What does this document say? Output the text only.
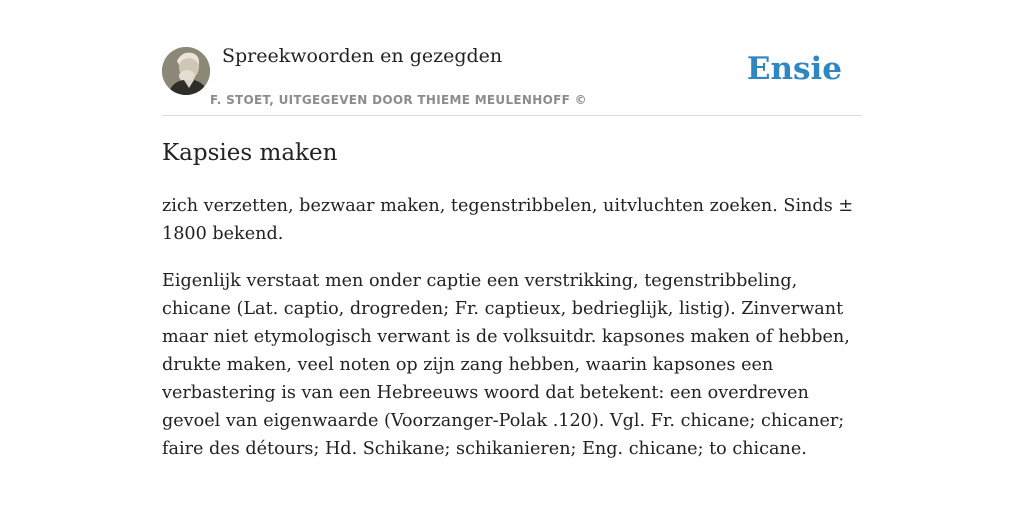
Spreekwoorden en gezegden
F. STOET, UITGEGEVEN DOOR THIEME MEULENHOFF ©
Ensie
Kapsies maken

zich verzetten, bezwaar maken, tegenstribbelen, uitvluchten zoeken. Sinds ± 1800 bekend.

Eigenlijk verstaat men onder captie een verstrikking, tegenstribbeling, chicane (Lat. captio, drogreden; Fr. captieux, bedrieglijk, listig). Zinverwant maar niet etymologisch verwant is de volksuitdr. kapsones maken of hebben, drukte maken, veel noten op zijn zang hebben, waarin kapsones een verbastering is van een Hebreeuws woord dat betekent: een overdreven gevoel van eigenwaarde (Voorzanger-Polak .120). Vgl. Fr. chicane; chicaner; faire des détours; Hd. Schikane; schikanieren; Eng. chicane; to chicane.
